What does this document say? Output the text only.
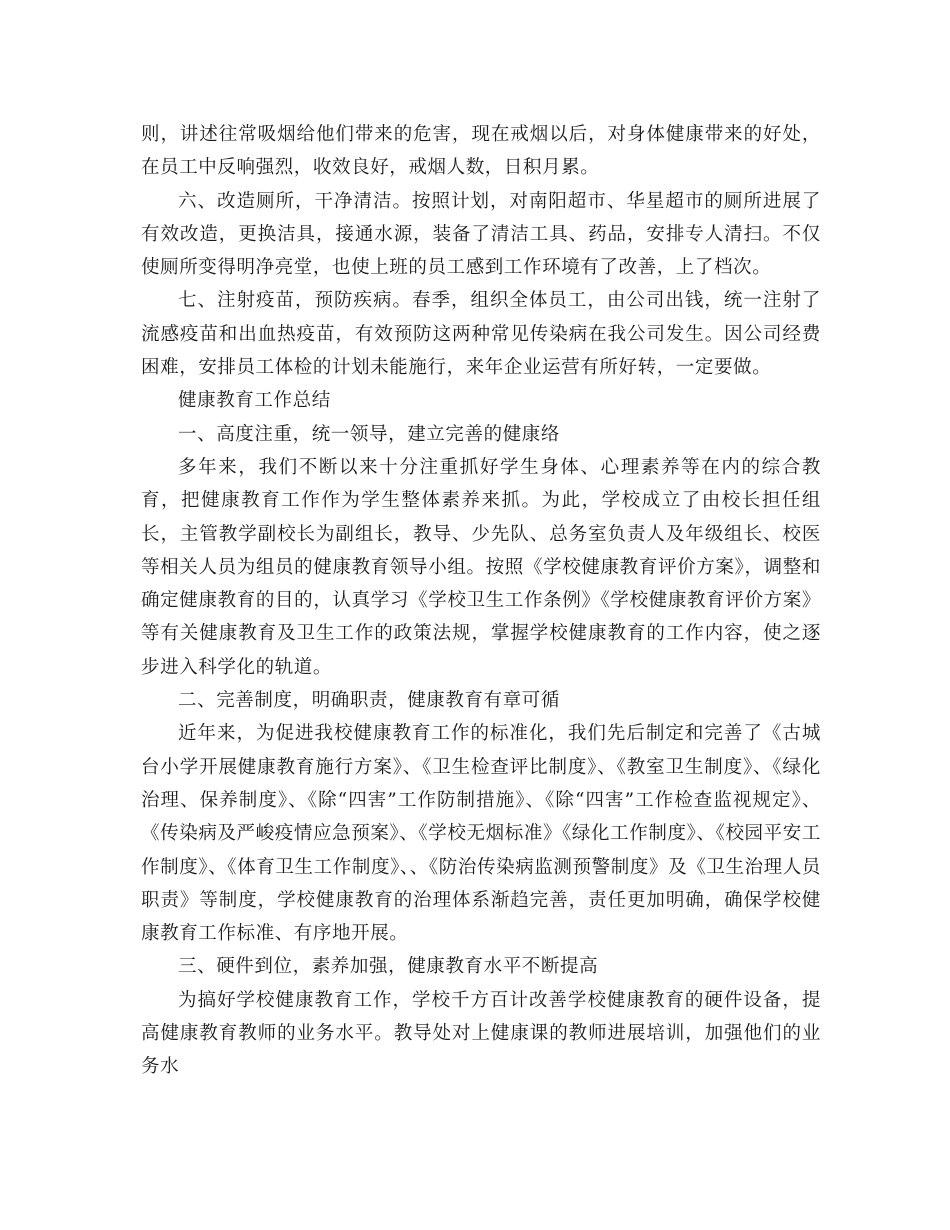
则，讲述往常吸烟给他们带来的危害，现在戒烟以后，对身体健康带来的好处，在员工中反响强烈，收效良好，戒烟人数，日积月累。

六、改造厕所，干净清洁。按照计划，对南阳超市、华星超市的厕所进展了有效改造，更换洁具，接通水源，装备了清洁工具、药品，安排专人清扫。不仅使厕所变得明净亮堂，也使上班的员工感到工作环境有了改善，上了档次。

七、注射疫苗，预防疾病。春季，组织全体员工，由公司出钱，统一注射了流感疫苗和出血热疫苗，有效预防这两种常见传染病在我公司发生。因公司经费困难，安排员工体检的计划未能施行，来年企业运营有所好转，一定要做。

健康教育工作总结

一、高度注重，统一领导，建立完善的健康络

多年来，我们不断以来十分注重抓好学生身体、心理素养等在内的综合教育，把健康教育工作作为学生整体素养来抓。为此，学校成立了由校长担任组长，主管教学副校长为副组长，教导、少先队、总务室负责人及年级组长、校医等相关人员为组员的健康教育领导小组。按照《学校健康教育评价方案》，调整和确定健康教育的目的，认真学习《学校卫生工作条例》《学校健康教育评价方案》等有关健康教育及卫生工作的政策法规，掌握学校健康教育的工作内容，使之逐步进入科学化的轨道。

二、完善制度，明确职责，健康教育有章可循

近年来，为促进我校健康教育工作的标准化，我们先后制定和完善了《古城台小学开展健康教育施行方案》、《卫生检查评比制度》、《教室卫生制度》、《绿化治理、保养制度》、《除“四害”工作防制措施》、《除“四害”工作检查监视规定》、《传染病及严峻疫情应急预案》、《学校无烟标准》《绿化工作制度》、《校园平安工作制度》、《体育卫生工作制度》、、《防治传染病监测预警制度》及《卫生治理人员职责》等制度，学校健康教育的治理体系渐趋完善，责任更加明确，确保学校健康教育工作标准、有序地开展。

三、硬件到位，素养加强，健康教育水平不断提高

为搞好学校健康教育工作，学校千方百计改善学校健康教育的硬件设备，提高健康教育教师的业务水平。教导处对上健康课的教师进展培训，加强他们的业务水
